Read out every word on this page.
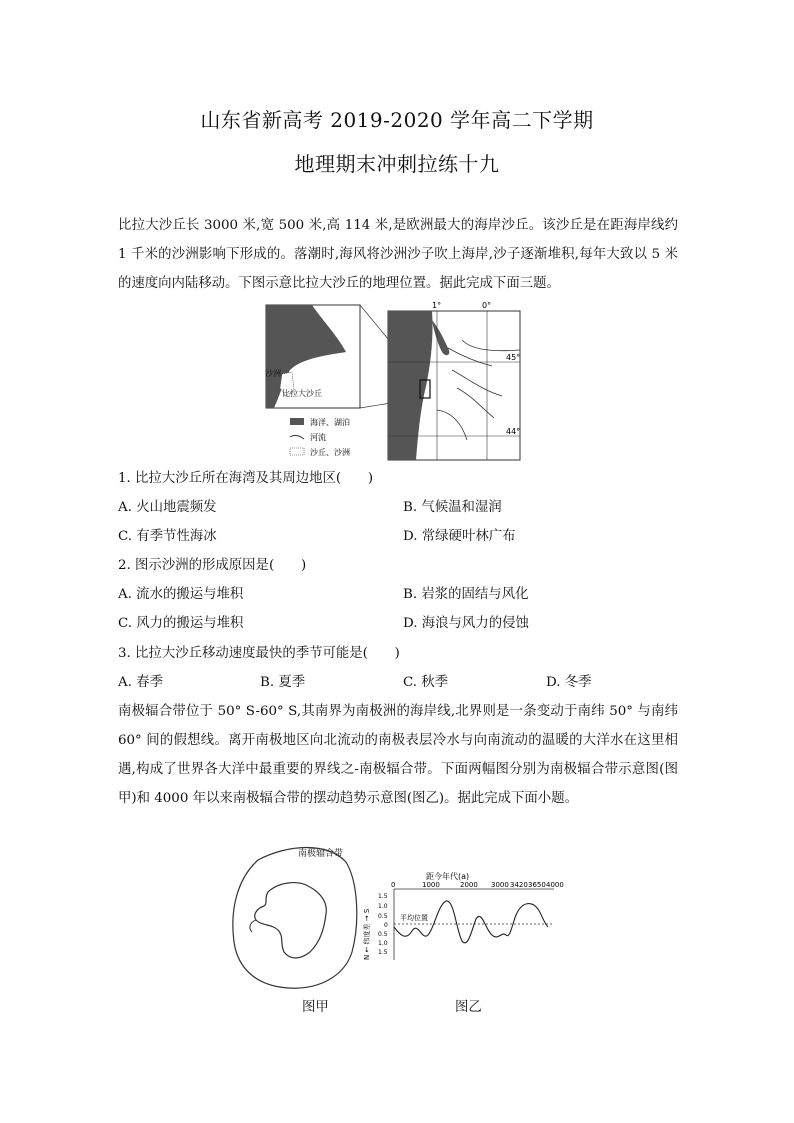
山东省新高考 2019-2020 学年高二下学期
地理期末冲刺拉练十九
比拉大沙丘长 3000 米,宽 500 米,高 114 米,是欧洲最大的海岸沙丘。该沙丘是在距海岸线约 1 千米的沙洲影响下形成的。落潮时,海风将沙洲沙子吹上海岸,沙子逐渐堆积,每年大致以 5 米的速度向内陆移动。下图示意比拉大沙丘的地理位置。据此完成下面三题。
沙洲
比拉大沙丘
海洋、湖泊
河流
沙丘、沙洲
1°	0°
45°
44°
1. 比拉大沙丘所在海湾及其周边地区(　　)
A. 火山地震频发	B. 气候温和湿润
C. 有季节性海冰	D. 常绿硬叶林广布
2. 图示沙洲的形成原因是(　　)
A. 流水的搬运与堆积	B. 岩浆的固结与风化
C. 风力的搬运与堆积	D. 海浪与风力的侵蚀
3. 比拉大沙丘移动速度最快的季节可能是(　　)
A. 春季	B. 夏季	C. 秋季	D. 冬季
南极辐合带位于 50° S-60° S,其南界为南极洲的海岸线,北界则是一条变动于南纬 50° 与南纬 60° 间的假想线。离开南极地区向北流动的南极表层冷水与向南流动的温暖的大洋水在这里相遇,构成了世界各大洋中最重要的界线之-南极辐合带。下面两幅图分别为南极辐合带示意图(图甲)和 4000 年以来南极辐合带的摆动趋势示意图(图乙)。据此完成下面小题。
南极辐合带
距今年代(a)
0	1000	2000 3000 3420 3650 4000
1.5
1.0
0.5
0
0.5
1.0
1.5
N ← 纬度差 → S	平均位置
图甲	图乙
